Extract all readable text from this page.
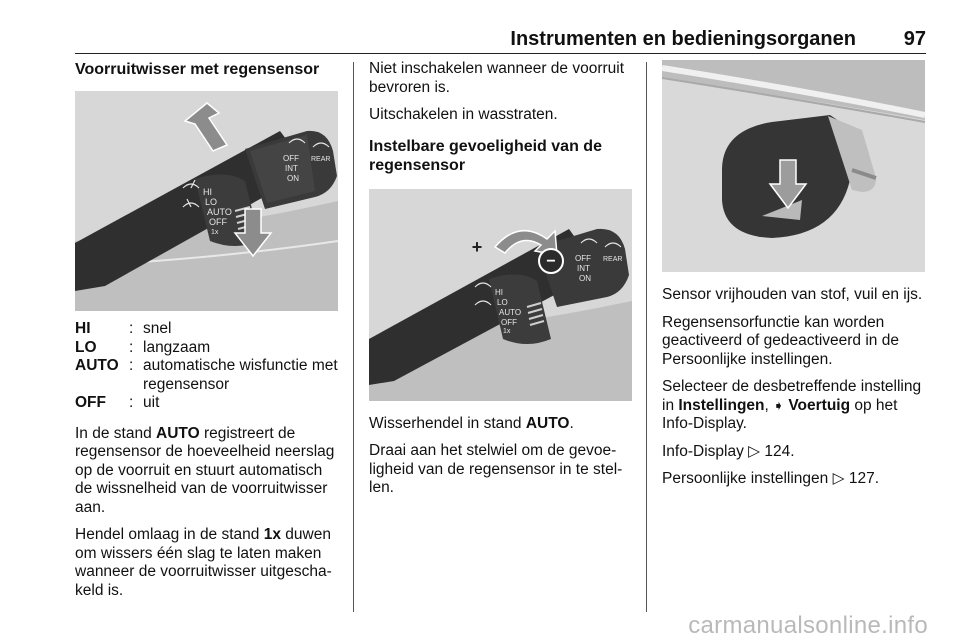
Instrumenten en bedieningsorganen 97
Voorruitwisser met regensensor
HI
LO
AUTO
OFF
1x
OFF
INT
ON
REAR
HI	: snel
LO	: langzaam
AUTO : automatische wisfunctie met regensensor
OFF	: uit

In de stand AUTO registreert de regensensor de hoeveelheid neerslag op de voorruit en stuurt automatisch de wissnelheid van de voorruitwisser aan.

Hendel omlaag in de stand 1x duwen om wissers één slag te laten maken wanneer de voorruitwisser uitgeschakeld is.

Niet inschakelen wanneer de voorruit bevroren is.

Uitschakelen in wasstraten.

Instelbare gevoeligheid van de regensensor
−
+
HI
LO
AUTO
OFF
1x
OFF
INT
ON
REAR

Wisserhendel in stand AUTO.

Draai aan het stelwiel om de gevoeligheid van de regensensor in te stellen.

Sensor vrijhouden van stof, vuil en ijs.

Regensensorfunctie kan worden geactiveerd of gedeactiveerd in de Persoonlijke instellingen.

Selecteer de desbetreffende instelling in Instellingen, ➧ Voertuig op het Info-Display.

Info-Display ▷ 124.

Persoonlijke instellingen ▷ 127.

carmanualsonline.info
